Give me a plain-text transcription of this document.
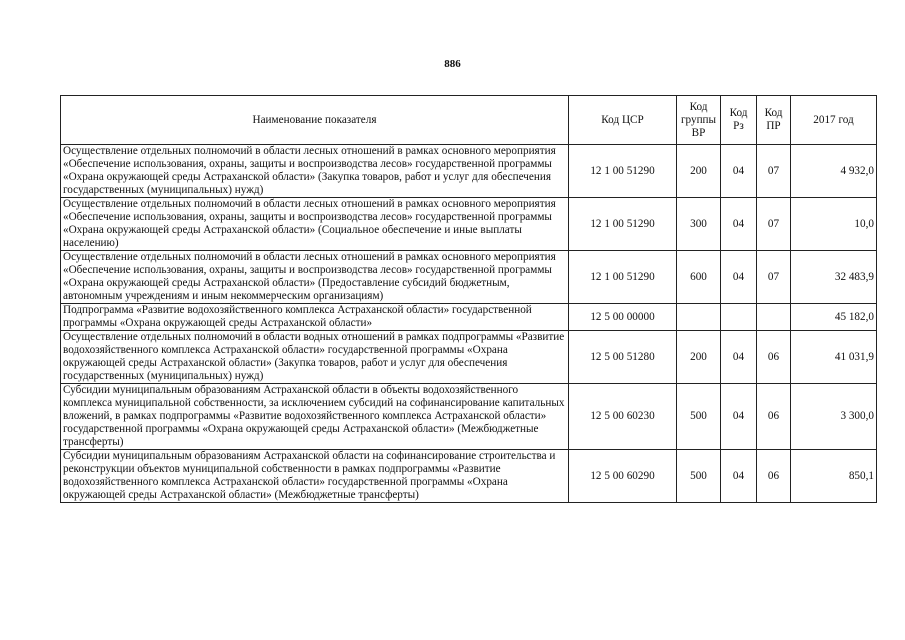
886
Наименование показателя	Код ЦСР	Код группы ВР	Код Рз	Код ПР	2017 год
Осуществление отдельных полномочий в области лесных отношений в рамках основного мероприятия «Обеспечение использования, охраны, защиты и воспроизводства лесов» государственной программы «Охрана окружающей среды Астраханской области» (Закупка товаров, работ и услуг для обеспечения государственных (муниципальных) нужд)	12 1 00 51290	200	04	07	4 932,0
Осуществление отдельных полномочий в области лесных отношений в рамках основного мероприятия «Обеспечение использования, охраны, защиты и воспроизводства лесов» государственной программы «Охрана окружающей среды Астраханской области» (Социальное обеспечение и иные выплаты населению)	12 1 00 51290	300	04	07	10,0
Осуществление отдельных полномочий в области лесных отношений в рамках основного мероприятия «Обеспечение использования, охраны, защиты и воспроизводства лесов» государственной программы «Охрана окружающей среды Астраханской области» (Предоставление субсидий бюджетным, автономным учреждениям и иным некоммерческим организациям)	12 1 00 51290	600	04	07	32 483,9
Подпрограмма «Развитие водохозяйственного комплекса Астраханской области» государственной программы «Охрана окружающей среды Астраханской области»	12 5 00 00000				45 182,0
Осуществление отдельных полномочий в области водных отношений в рамках подпрограммы «Развитие водохозяйственного комплекса Астраханской области» государственной программы «Охрана окружающей среды Астраханской области» (Закупка товаров, работ и услуг для обеспечения государственных (муниципальных) нужд)	12 5 00 51280	200	04	06	41 031,9
Субсидии муниципальным образованиям Астраханской области в объекты водохозяйственного комплекса муниципальной собственности, за исключением субсидий на софинансирование капитальных вложений, в рамках подпрограммы «Развитие водохозяйственного комплекса Астраханской области» государственной программы «Охрана окружающей среды Астраханской области» (Межбюджетные трансферты)	12 5 00 60230	500	04	06	3 300,0
Субсидии муниципальным образованиям Астраханской области на софинансирование строительства и реконструкции объектов муниципальной собственности в рамках подпрограммы «Развитие водохозяйственного комплекса Астраханской области» государственной программы «Охрана окружающей среды Астраханской области» (Межбюджетные трансферты)	12 5 00 60290	500	04	06	850,1
